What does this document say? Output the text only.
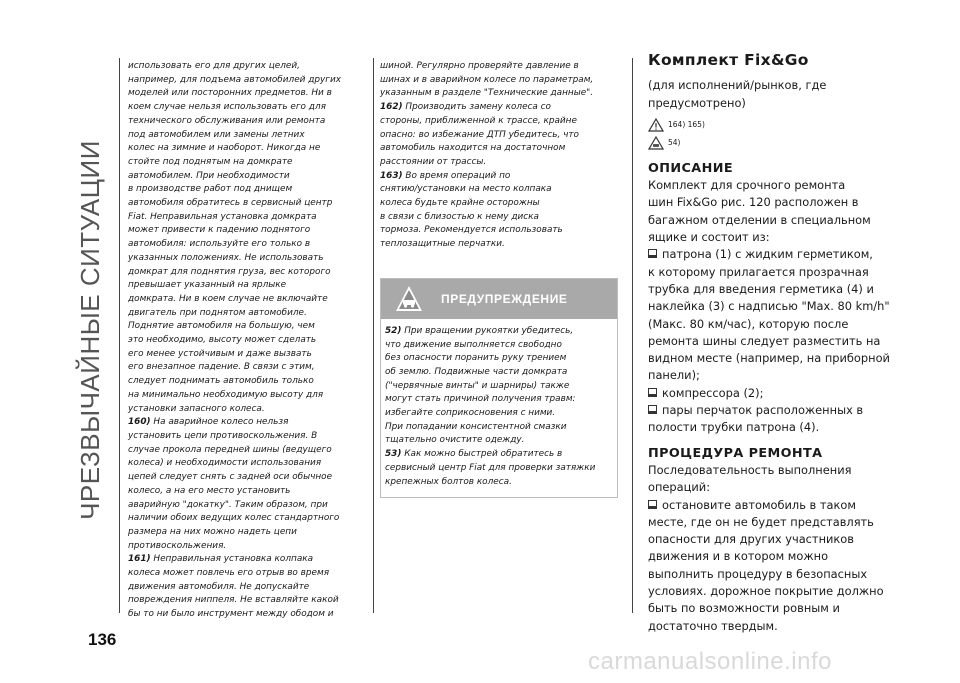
ЧРЕЗВЫЧАЙНЫЕ СИТУАЦИИ
136

использовать его для других целей,

например, для подъема автомобилей других

моделей или посторонних предметов. Ни в

коем случае нельзя использовать его для

технического обслуживания или ремонта

под автомобилем или замены летних

колес на зимние и наоборот. Никогда не

стойте под поднятым на домкрате

автомобилем. При необходимости

в производстве работ под днищем

автомобиля обратитесь в сервисный центр

Fiat. Неправильная установка домкрата

может привести к падению поднятого

автомобиля: используйте его только в

указанных положениях. Не использовать

домкрат для поднятия груза, вес которого

превышает указанный на ярлыке

домкрата. Ни в коем случае не включайте

двигатель при поднятом автомобиле.

Поднятие автомобиля на большую, чем

это необходимо, высоту может сделать

его менее устойчивым и даже вызвать

его внезапное падение. В связи с этим,

следует поднимать автомобиль только

на минимально необходимую высоту для

установки запасного колеса.

160) На аварийное колесо нельзя

установить цепи противоскольжения. В

случае прокола передней шины (ведущего

колеса) и необходимости использования

цепей следует снять с задней оси обычное

колесо, а на его место установить

аварийную "докатку". Таким образом, при

наличии обоих ведущих колес стандартного

размера на них можно надеть цепи

противоскольжения.

161) Неправильная установка колпака

колеса может повлечь его отрыв во время

движения автомобиля. Не допускайте

повреждения ниппеля. Не вставляйте какой

бы то ни было инструмент между ободом и

шиной. Регулярно проверяйте давление в

шинах и в аварийном колесе по параметрам,

указанным в разделе "Технические данные".

162) Производить замену колеса со

стороны, приближенной к трассе, крайне

опасно: во избежание ДТП убедитесь, что

автомобиль находится на достаточном

расстоянии от трассы.

163) Во время операций по

снятию/установки на место колпака

колеса будьте крайне осторожны

в связи с близостью к нему диска

тормоза. Рекомендуется использовать

теплозащитные перчатки.

ПРЕДУПРЕЖДЕНИЕ

52) При вращении рукоятки убедитесь,

что движение выполняется свободно

без опасности поранить руку трением

об землю. Подвижные части домкрата

("червячные винты" и шарниры) также

могут стать причиной получения травм:

избегайте соприкосновения с ними.

При попадании консистентной смазки

тщательно очистите одежду.

53) Как можно быстрей обратитесь в

сервисный центр Fiat для проверки затяжки

крепежных болтов колеса.

Комплект Fix&Go

(для исполнений/рынков, где

предусмотрено)

164) 165)
54)
ОПИСАНИЕ

Комплект для срочного ремонта

шин Fix&Go рис. 120 расположен в

багажном отделении в специальном

ящике и состоит из:

патрона (1) с жидким герметиком,

к которому прилагается прозрачная

трубка для введения герметика (4) и

наклейка (3) с надписью "Max. 80 km/h"

(Макс. 80 км/час), которую после

ремонта шины следует разместить на

видном месте (например, на приборной

панели);

компрессора (2);

пары перчаток расположенных в

полости трубки патрона (4).

ПРОЦЕДУРА РЕМОНТА

Последовательность выполнения

операций:

остановите автомобиль в таком

месте, где он не будет представлять

опасности для других участников

движения и в котором можно

выполнить процедуру в безопасных

условиях. дорожное покрытие должно

быть по возможности ровным и

достаточно твердым.

carmanualsonline.info
